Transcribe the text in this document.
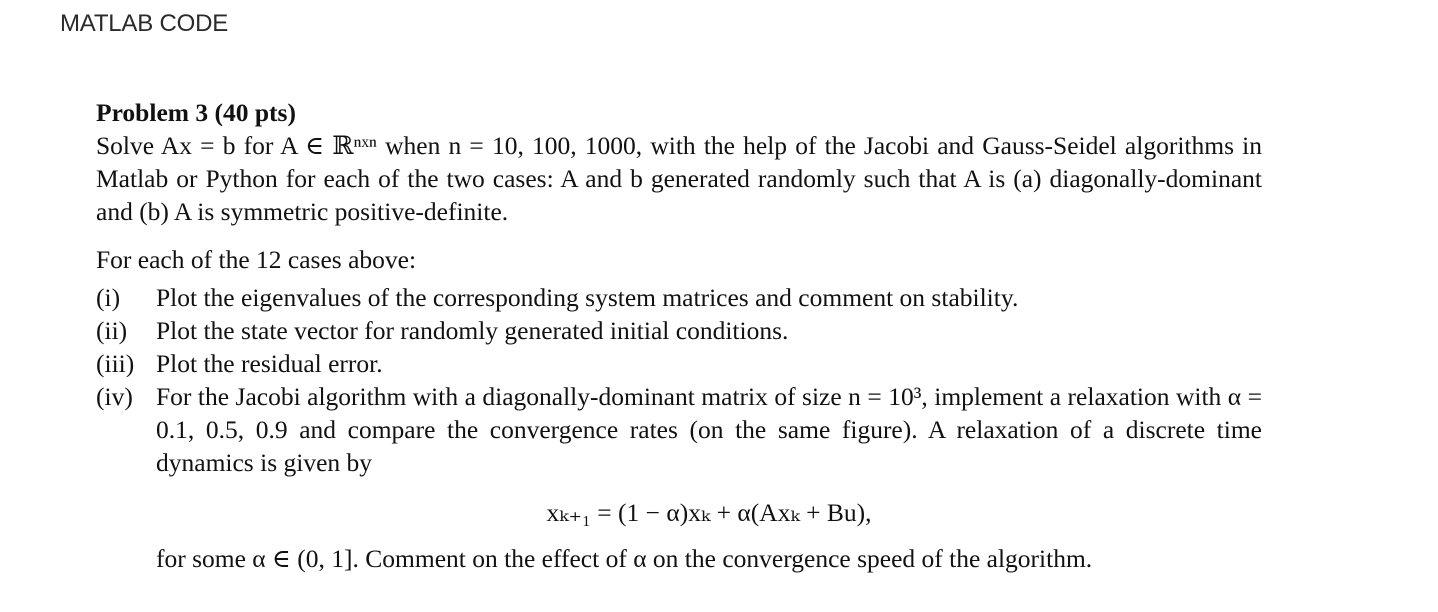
MATLAB CODE
Problem 3 (40 pts)
Solve Ax = b for A ∈ ℝⁿˣⁿ when n = 10, 100, 1000, with the help of the Jacobi and Gauss-Seidel algorithms in Matlab or Python for each of the two cases: A and b generated randomly such that A is (a) diagonally-dominant and (b) A is symmetric positive-definite.
For each of the 12 cases above:
(i)	Plot the eigenvalues of the corresponding system matrices and comment on stability.
(ii)	Plot the state vector for randomly generated initial conditions.
(iii) Plot the residual error.
(iv) For the Jacobi algorithm with a diagonally-dominant matrix of size n = 10³, implement a relaxation with α = 0.1, 0.5, 0.9 and compare the convergence rates (on the same figure). A relaxation of a discrete time dynamics is given by
xₖ₊₁ = (1 − α)xₖ + α(Axₖ + Bu),
for some α ∈ (0, 1]. Comment on the effect of α on the convergence speed of the algorithm.
